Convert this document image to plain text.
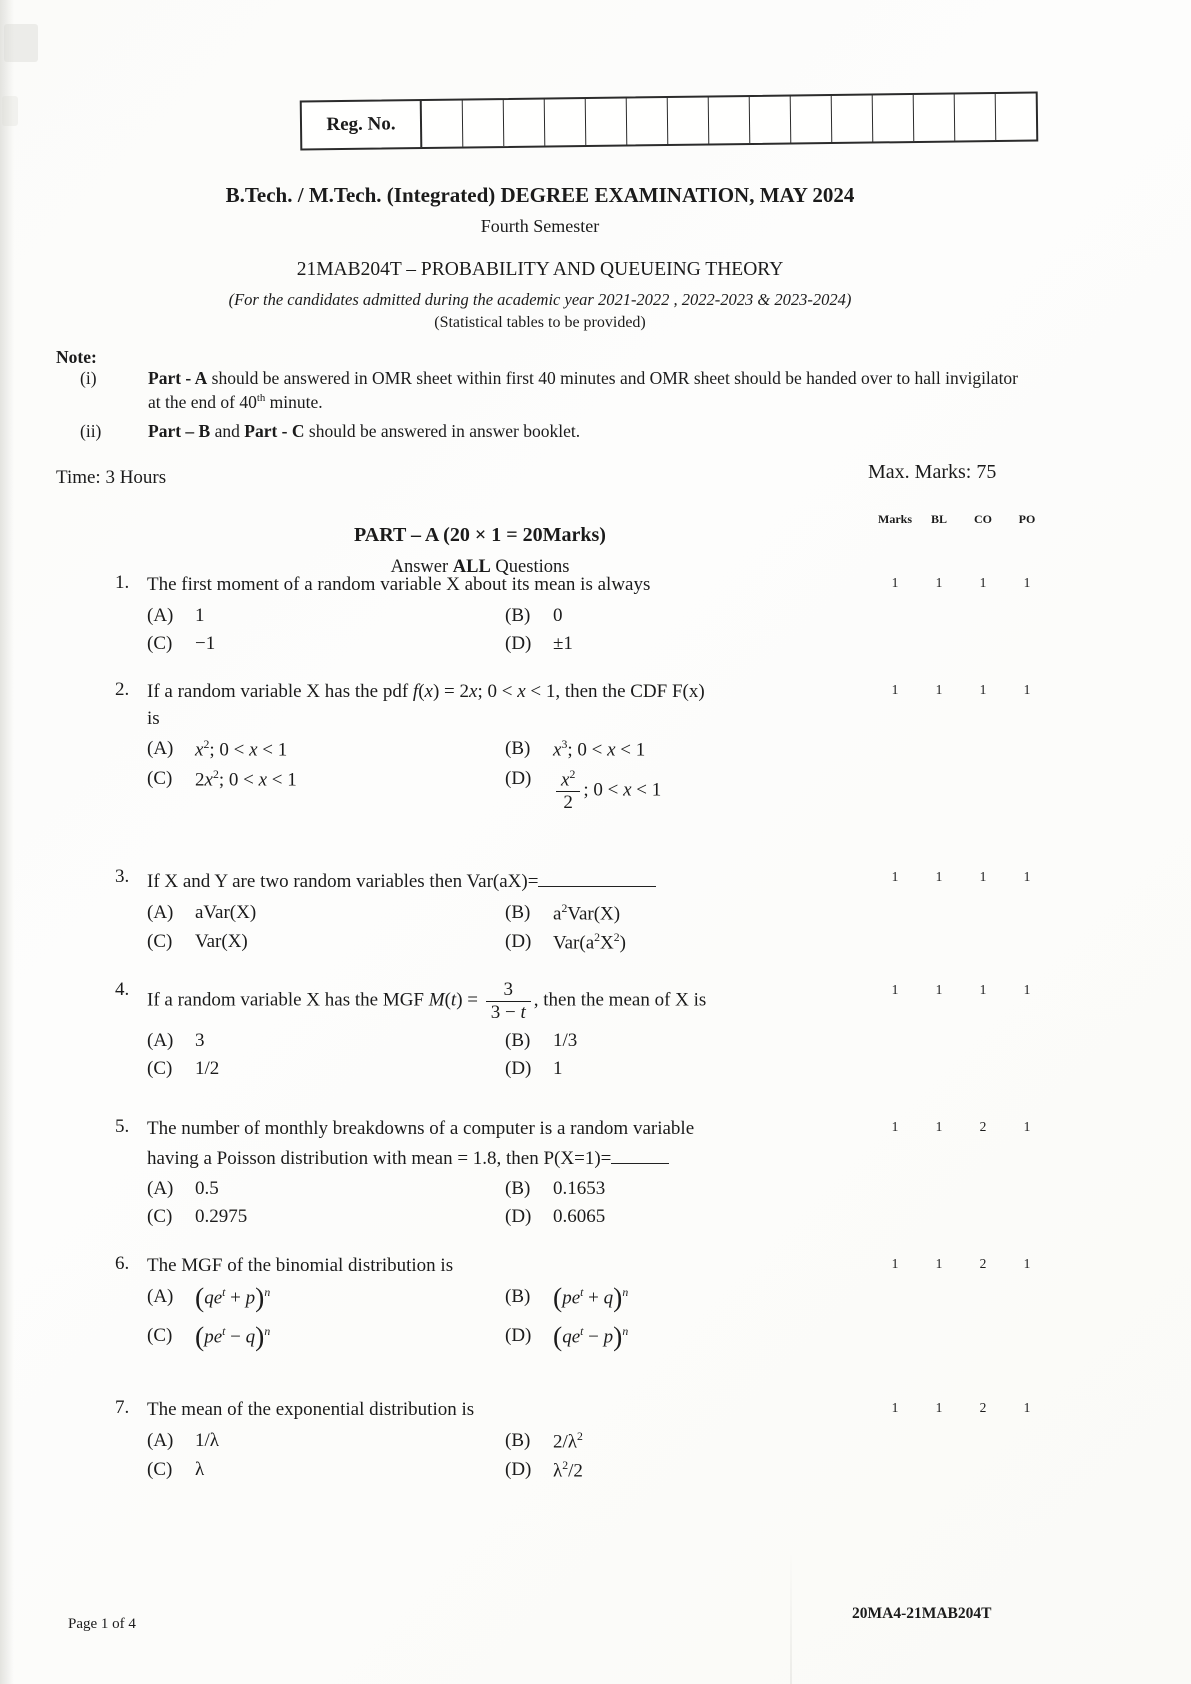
Reg. No.
B.Tech. / M.Tech. (Integrated) DEGREE EXAMINATION, MAY 2024
Fourth Semester
21MAB204T – PROBABILITY AND QUEUEING THEORY
(For the candidates admitted during the academic year 2021-2022 , 2022-2023 & 2023-2024)
(Statistical tables to be provided)
Note:
(i)	Part - A should be answered in OMR sheet within first 40 minutes and OMR sheet should be handed over to hall invigilator at the end of 40th minute.
(ii)	Part – B and Part - C should be answered in answer booklet.
Time: 3 Hours	Max. Marks: 75
Marks	BL	CO	PO
PART – A (20 × 1 = 20Marks)
Answer ALL Questions
1. The first moment of a random variable X about its mean is always
(A)	1	(B)	0
(C)	−1	(D)	±1
1	1	1	1
2. If a random variable X has the pdf f(x) = 2x; 0 < x < 1, then the CDF F(x)
is
(A)	$x^2$; 0 < x < 1	(B)	$x^3$; 0 < x < 1
(C)	$2x^2$; 0 < x < 1	(D)	$\frac{x^2}{2}$ ; 0 < x < 1
1	1	1	1
3. If X and Y are two random variables then Var(aX)=
(A)	aVar(X)	(B)	$a^2Var(X)$
(C)	Var(X)	(D)	$Var(a^2X^2)$
1	1	1	1
4.
If a random variable X has the MGF $M(t) = \frac{3}{3 - t}$ , then the mean of X is
(A)	3	(B)	1/3
(C)	1/2	(D)	1
1	1	1	1
5. The number of monthly breakdowns of a computer is a random variable
having a Poisson distribution with mean = 1.8, then P(X=1)=
(A)	0.5	(B)	0.1653
(C)	0.2975	(D)	0.6065
1	1	2	1
6. The MGF of the binomial distribution is
(A) $(qe^t + p)^n$	(B) $(pe^t + q)^n$
(C) $(pe^t - q)^n$	(D) $(qe^t - p)^n$
1	1	2	1
7. The mean of the exponential distribution is
(A)	1/λ	(B)	$2/\lambda^2$
(C)	λ	(D)	$\lambda^2/2$
1	1	2	1
Page 1 of 4
20MA4-21MAB204T
